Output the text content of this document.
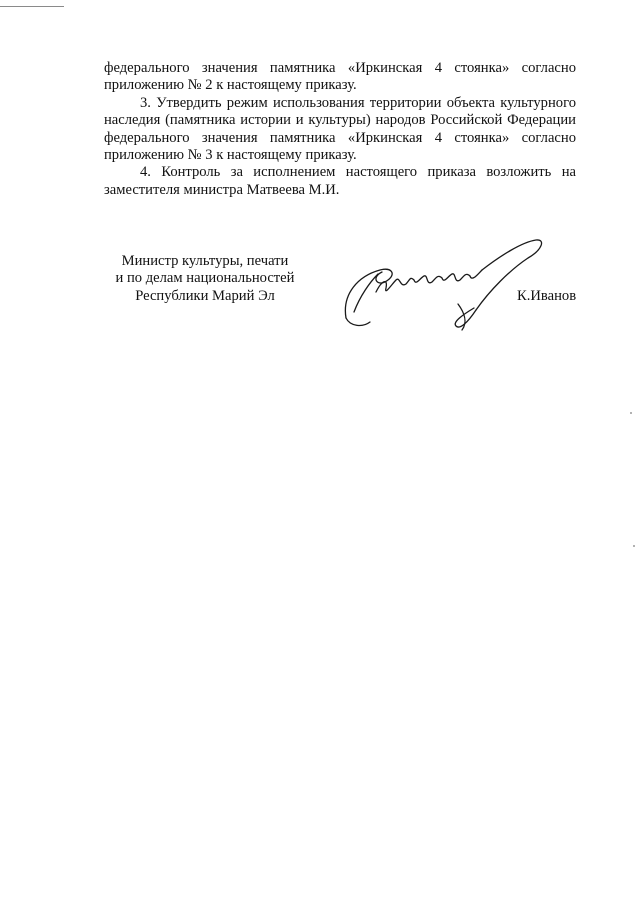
федерального значения памятника «Иркинская 4 стоянка» согласно приложению № 2 к настоящему приказу.

3. Утвердить режим использования территории объекта культурного наследия (памятника истории и культуры) народов Российской Федерации федерального значения памятника «Иркинская 4 стоянка» согласно приложению № 3 к настоящему приказу.

4. Контроль за исполнением настоящего приказа возложить на заместителя министра Матвеева М.И.

Министр культуры, печати
и по делам национальностей
Республики Марий Эл	К.Иванов
